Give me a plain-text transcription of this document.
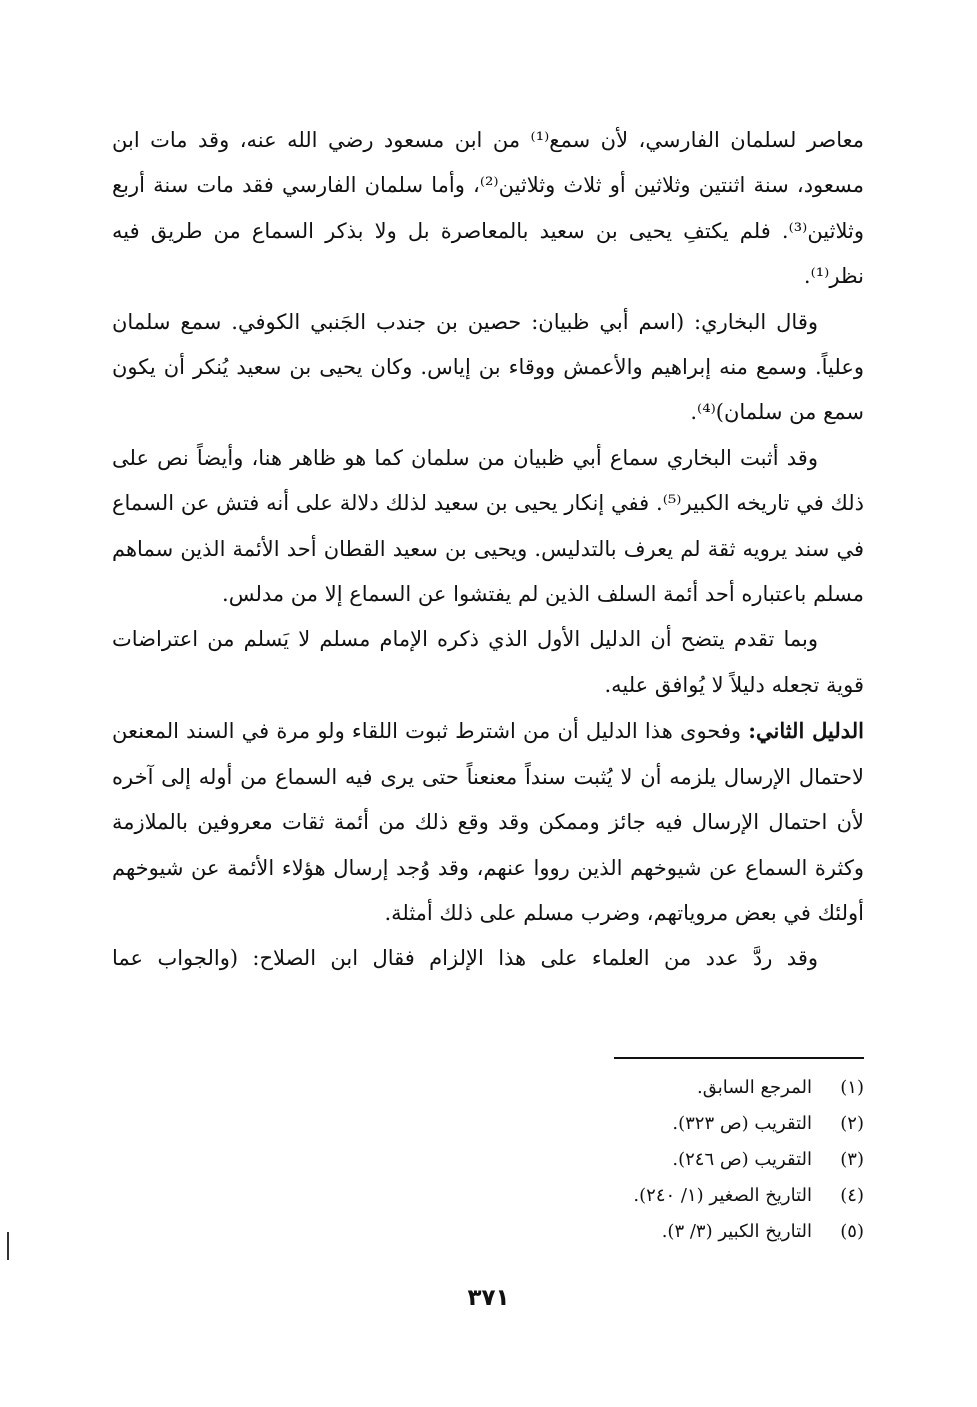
معاصر لسلمان الفارسي، لأن سمع⁽¹⁾ من ابن مسعود رضي الله عنه، وقد مات ابن مسعود، سنة اثنتين وثلاثين أو ثلاث وثلاثين⁽²⁾، وأما سلمان الفارسي فقد مات سنة أربع وثلاثين⁽³⁾. فلم يكتفِ يحيى بن سعيد بالمعاصرة بل ولا بذكر السماع من طريق فيه نظر⁽¹⁾.

وقال البخاري: (اسم أبي ظبيان: حصين بن جندب الجَنبي الكوفي. سمع سلمان وعلياً. وسمع منه إبراهيم والأعمش ووقاء بن إياس. وكان يحيى بن سعيد يُنكر أن يكون سمع من سلمان)⁽⁴⁾.

وقد أثبت البخاري سماع أبي ظبيان من سلمان كما هو ظاهر هنا، وأيضاً نص على ذلك في تاريخه الكبير⁽⁵⁾. ففي إنكار يحيى بن سعيد لذلك دلالة على أنه فتش عن السماع في سند يرويه ثقة لم يعرف بالتدليس. ويحيى بن سعيد القطان أحد الأئمة الذين سماهم مسلم باعتباره أحد أئمة السلف الذين لم يفتشوا عن السماع إلا من مدلس.

وبما تقدم يتضح أن الدليل الأول الذي ذكره الإمام مسلم لا يَسلم من اعتراضات قوية تجعله دليلاً لا يُوافق عليه.

الدليل الثاني: وفحوى هذا الدليل أن من اشترط ثبوت اللقاء ولو مرة في السند المعنعن لاحتمال الإرسال يلزمه أن لا يُثبت سنداً معنعناً حتى يرى فيه السماع من أوله إلى آخره لأن احتمال الإرسال فيه جائز وممكن وقد وقع ذلك من أئمة ثقات معروفين بالملازمة وكثرة السماع عن شيوخهم الذين رووا عنهم، وقد وُجد إرسال هؤلاء الأئمة عن شيوخهم أولئك في بعض مروياتهم، وضرب مسلم على ذلك أمثلة.

وقد ردَّ عدد من العلماء على هذا الإلزام فقال ابن الصلاح: (والجواب عما

(١)
المرجع السابق.
(٢)
التقريب (ص ٣٢٣).
(٣)
التقريب (ص ٢٤٦).
(٤)
التاريخ الصغير (١/ ٢٤٠).
(٥)
التاريخ الكبير (٣/ ٣).
٣٧١
